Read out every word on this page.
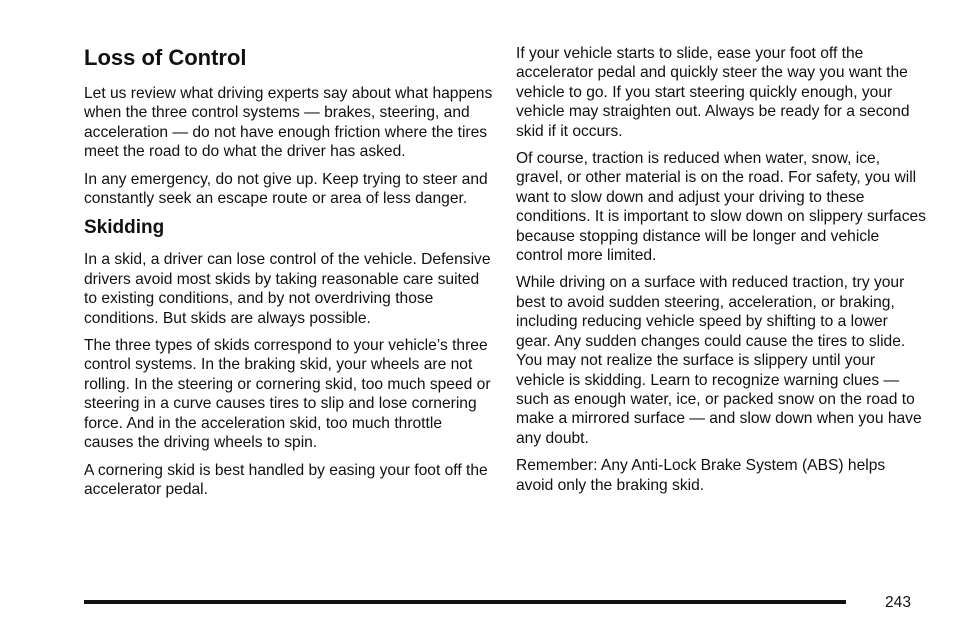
Loss of Control

Let us review what driving experts say about what happens when the three control systems — brakes, steering, and acceleration — do not have enough friction where the tires meet the road to do what the driver has asked.

In any emergency, do not give up. Keep trying to steer and constantly seek an escape route or area of less danger.

Skidding

In a skid, a driver can lose control of the vehicle. Defensive drivers avoid most skids by taking reasonable care suited to existing conditions, and by not overdriving those conditions. But skids are always possible.

The three types of skids correspond to your vehicle’s three control systems. In the braking skid, your wheels are not rolling. In the steering or cornering skid, too much speed or steering in a curve causes tires to slip and lose cornering force. And in the acceleration skid, too much throttle causes the driving wheels to spin.

A cornering skid is best handled by easing your foot off the accelerator pedal.

If your vehicle starts to slide, ease your foot off the accelerator pedal and quickly steer the way you want the vehicle to go. If you start steering quickly enough, your vehicle may straighten out. Always be ready for a second skid if it occurs.

Of course, traction is reduced when water, snow, ice, gravel, or other material is on the road. For safety, you will want to slow down and adjust your driving to these conditions. It is important to slow down on slippery surfaces because stopping distance will be longer and vehicle control more limited.

While driving on a surface with reduced traction, try your best to avoid sudden steering, acceleration, or braking, including reducing vehicle speed by shifting to a lower gear. Any sudden changes could cause the tires to slide. You may not realize the surface is slippery until your vehicle is skidding. Learn to recognize warning clues — such as enough water, ice, or packed snow on the road to make a mirrored surface — and slow down when you have any doubt.

Remember: Any Anti-Lock Brake System (ABS) helps avoid only the braking skid.

243
